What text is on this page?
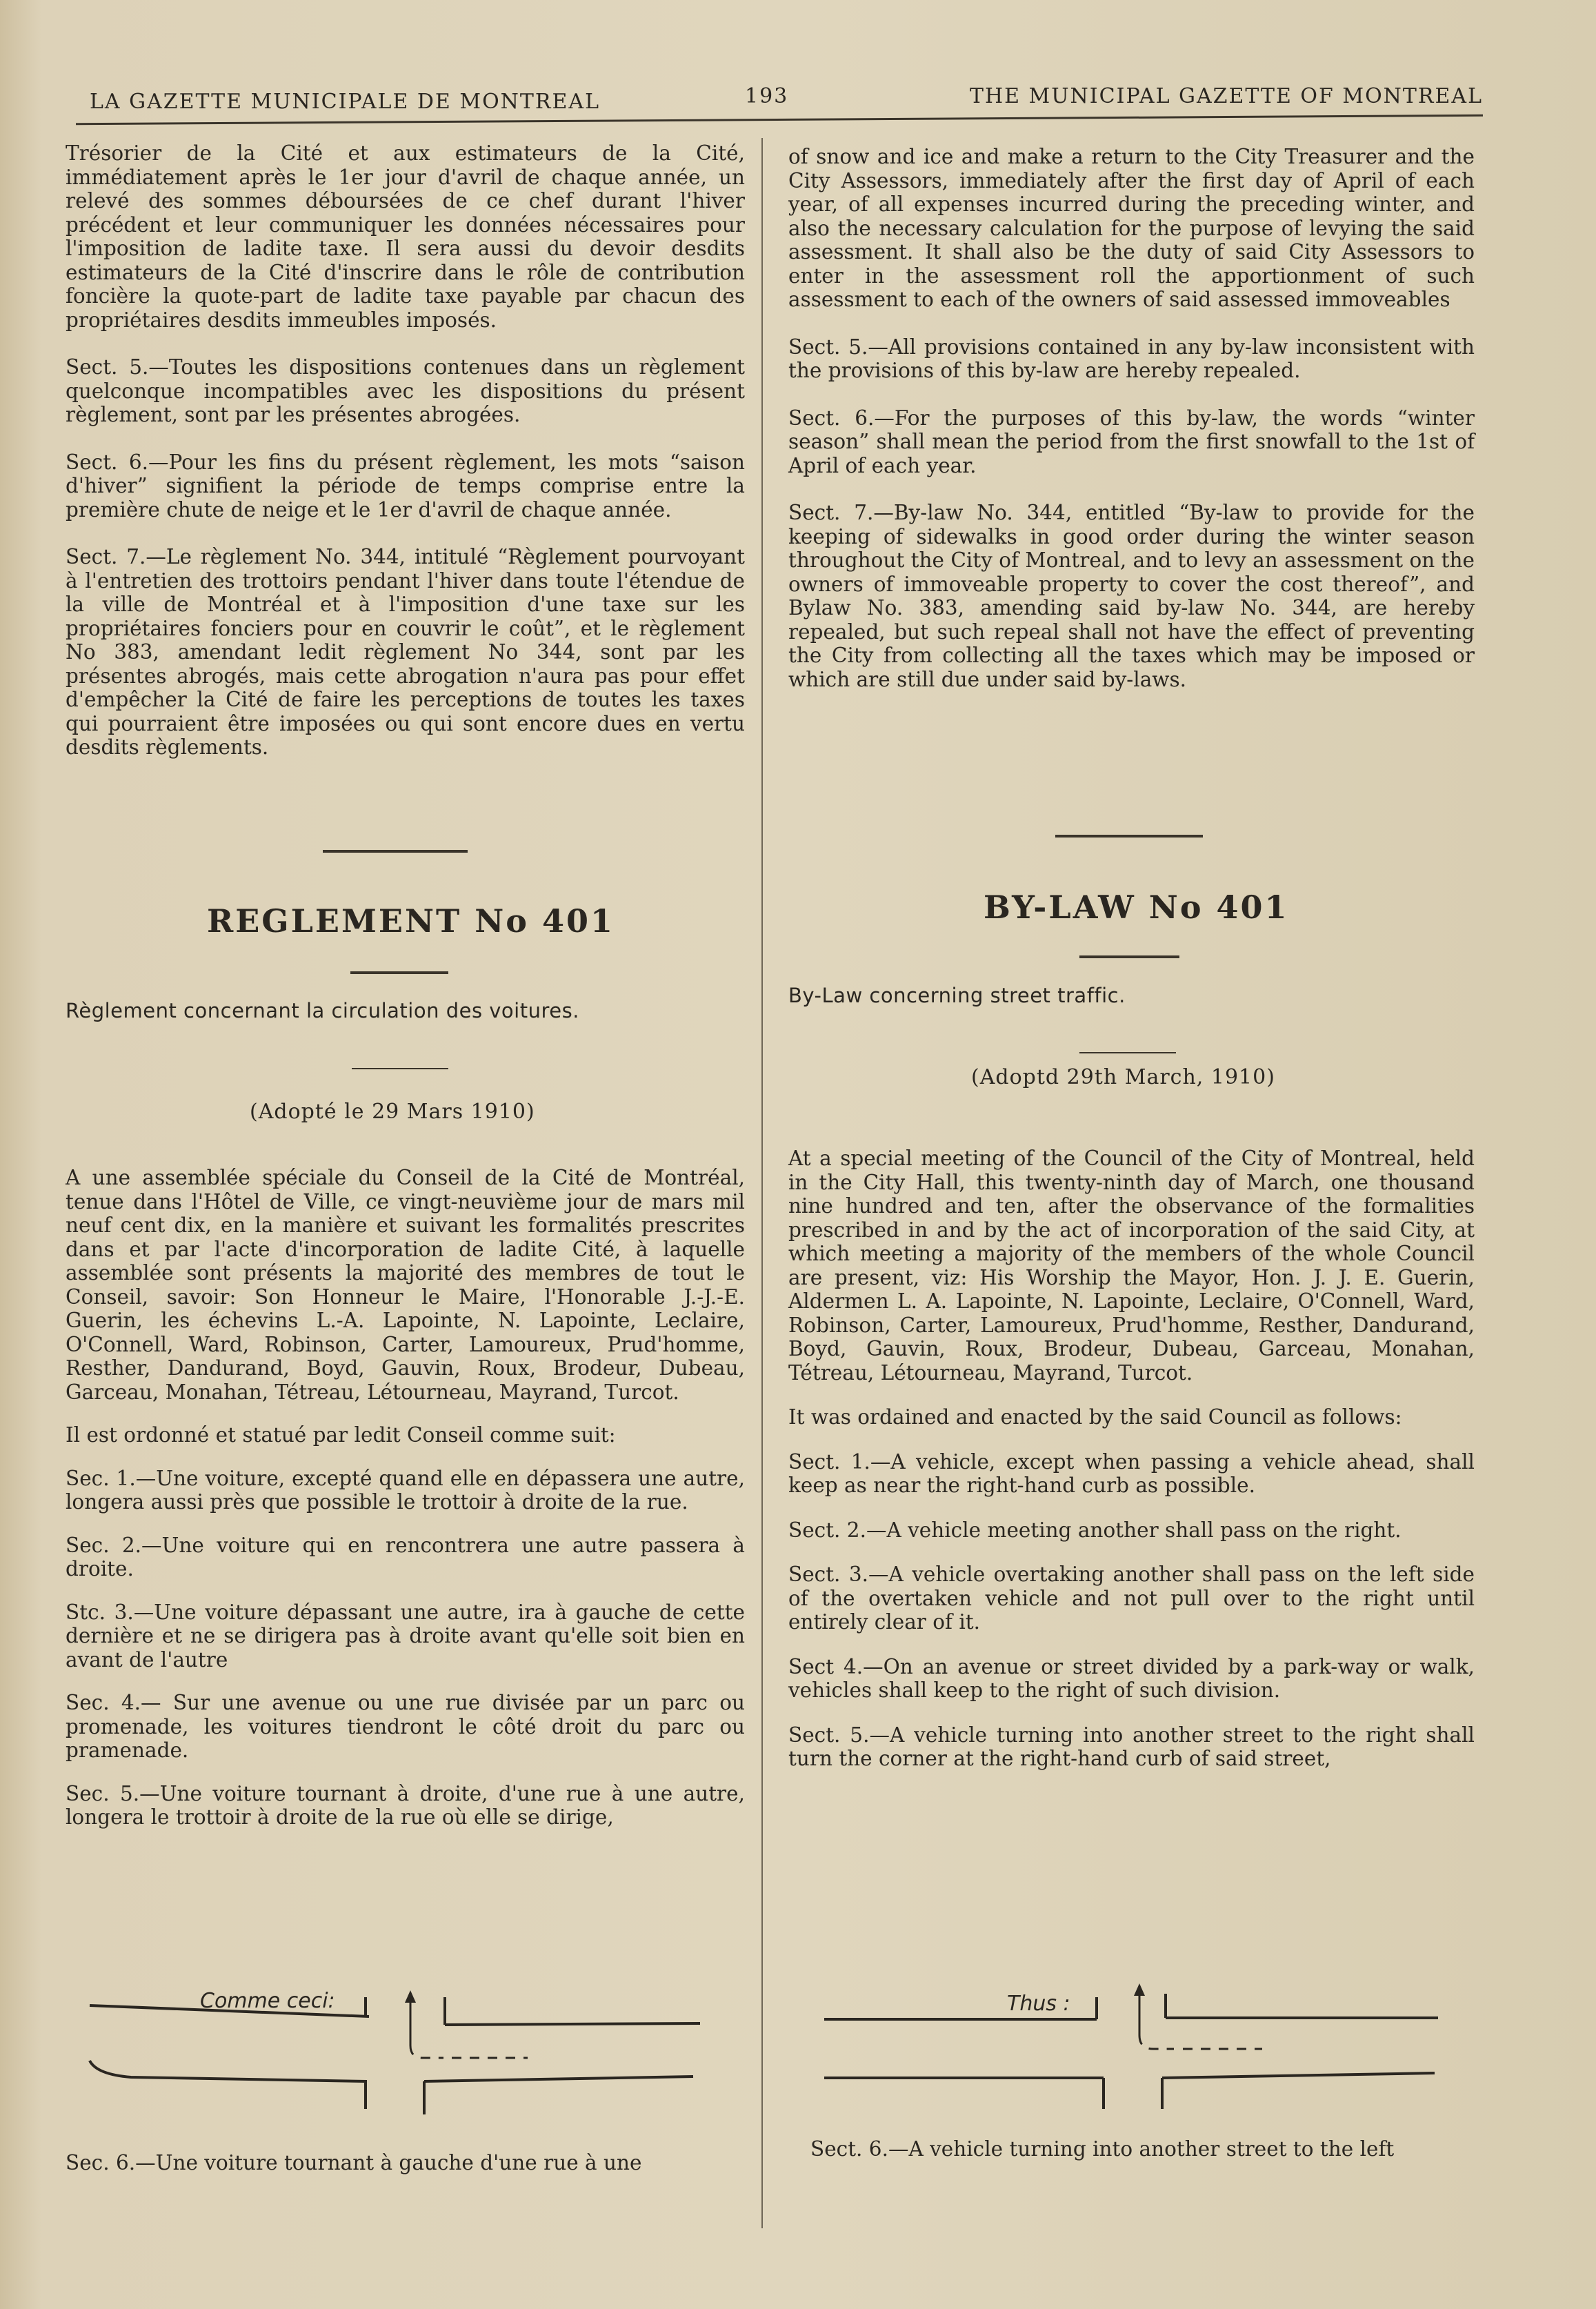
LA GAZETTE MUNICIPALE DE MONTREAL	193	THE MUNICIPAL GAZETTE OF MONTREAL

Trésorier de la Cité et aux estimateurs de la Cité, immédiatement après le 1er jour d'avril de chaque année, un relevé des sommes déboursées de ce chef durant l'hiver précédent et leur communiquer les données nécessaires pour l'imposition de ladite taxe. Il sera aussi du devoir desdits estimateurs de la Cité d'inscrire dans le rôle de contribution foncière la quote-part de ladite taxe payable par chacun des propriétaires desdits immeubles imposés.

Sect. 5.—Toutes les dispositions contenues dans un règlement quelconque incompatibles avec les dispositions du présent règlement, sont par les présentes abrogées.

Sect. 6.—Pour les fins du présent règlement, les mots “saison d'hiver” signifient la période de temps comprise entre la première chute de neige et le 1er d'avril de chaque année.

Sect. 7.—Le règlement No. 344, intitulé “Règlement pourvoyant à l'entretien des trottoirs pendant l'hiver dans toute l'étendue de la ville de Montréal et à l'imposition d'une taxe sur les propriétaires fonciers pour en couvrir le coût”, et le règlement No 383, amendant ledit règlement No 344, sont par les présentes abrogés, mais cette abrogation n'aura pas pour effet d'empêcher la Cité de faire les perceptions de toutes les taxes qui pourraient être imposées ou qui sont encore dues en vertu desdits règlements.

REGLEMENT No 401
Règlement concernant la circulation des voitures.
(Adopté le 29 Mars 1910)

A une assemblée spéciale du Conseil de la Cité de Montréal, tenue dans l'Hôtel de Ville, ce vingt-neuvième jour de mars mil neuf cent dix, en la manière et suivant les formalités prescrites dans et par l'acte d'incorporation de ladite Cité, à laquelle assemblée sont présents la majorité des membres de tout le Conseil, savoir: Son Honneur le Maire, l'Honorable J.-J.-E. Guerin, les échevins L.-A. Lapointe, N. Lapointe, Leclaire, O'Connell, Ward, Robinson, Carter, Lamoureux, Prud'homme, Resther, Dandurand, Boyd, Gauvin, Roux, Brodeur, Dubeau, Garceau, Monahan, Tétreau, Létourneau, Mayrand, Turcot.

Il est ordonné et statué par ledit Conseil comme suit:

Sec. 1.—Une voiture, excepté quand elle en dépassera une autre, longera aussi près que possible le trottoir à droite de la rue.

Sec. 2.—Une voiture qui en rencontrera une autre passera à droite.

Stc. 3.—Une voiture dépassant une autre, ira à gauche de cette dernière et ne se dirigera pas à droite avant qu'elle soit bien en avant de l'autre

Sec. 4.— Sur une avenue ou une rue divisée par un parc ou promenade, les voitures tiendront le côté droit du parc ou pramenade.

Sec. 5.—Une voiture tournant à droite, d'une rue à une autre, longera le trottoir à droite de la rue où elle se dirige,

Comme ceci:

Sec. 6.—Une voiture tournant à gauche d'une rue à une

of snow and ice and make a return to the City Treasurer and the City Assessors, immediately after the first day of April of each year, of all expenses incurred during the preceding winter, and also the necessary calculation for the purpose of levying the said assessment. It shall also be the duty of said City Assessors to enter in the assessment roll the apportionment of such assessment to each of the owners of said assessed immoveables

Sect. 5.—All provisions contained in any by-law inconsistent with the provisions of this by-law are hereby repealed.

Sect. 6.—For the purposes of this by-law, the words “winter season” shall mean the period from the first snowfall to the 1st of April of each year.

Sect. 7.—By-law No. 344, entitled “By-law to provide for the keeping of sidewalks in good order during the winter season throughout the City of Montreal, and to levy an assessment on the owners of immoveable property to cover the cost thereof”, and Bylaw No. 383, amending said by-law No. 344, are hereby repealed, but such repeal shall not have the effect of preventing the City from collecting all the taxes which may be imposed or which are still due under said by-laws.

BY-LAW No 401
By-Law concerning street traffic.
(Adoptd 29th March, 1910)

At a special meeting of the Council of the City of Montreal, held in the City Hall, this twenty-ninth day of March, one thousand nine hundred and ten, after the observance of the formalities prescribed in and by the act of incorporation of the said City, at which meeting a majority of the members of the whole Council are present, viz: His Worship the Mayor, Hon. J. J. E. Guerin, Aldermen L. A. Lapointe, N. Lapointe, Leclaire, O'Connell, Ward, Robinson, Carter, Lamoureux, Prud'homme, Resther, Dandurand, Boyd, Gauvin, Roux, Brodeur, Dubeau, Garceau, Monahan, Tétreau, Létourneau, Mayrand, Turcot.

It was ordained and enacted by the said Council as follows:

Sect. 1.—A vehicle, except when passing a vehicle ahead, shall keep as near the right-hand curb as possible.

Sect. 2.—A vehicle meeting another shall pass on the right.

Sect. 3.—A vehicle overtaking another shall pass on the left side of the overtaken vehicle and not pull over to the right until entirely clear of it.

Sect 4.—On an avenue or street divided by a park-way or walk, vehicles shall keep to the right of such division.

Sect. 5.—A vehicle turning into another street to the right shall turn the corner at the right-hand curb of said street,

Thus :

Sect. 6.—A vehicle turning into another street to the left
